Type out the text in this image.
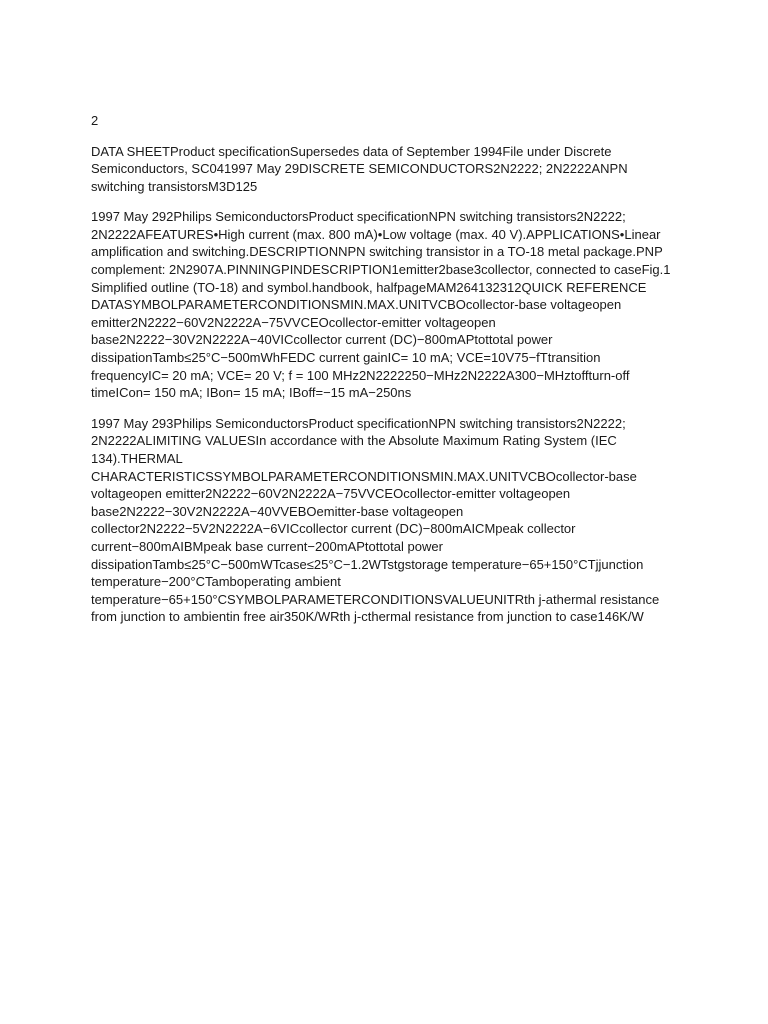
2

DATA SHEETProduct specificationSupersedes data of September 1994File under Discrete Semiconductors, SC041997 May 29DISCRETE SEMICONDUCTORS2N2222; 2N2222ANPN switching transistorsM3D125

1997 May 292Philips SemiconductorsProduct specificationNPN switching transistors2N2222; 2N2222AFEATURES•High current (max. 800 mA)•Low voltage (max. 40 V).APPLICATIONS•Linear amplification and switching.DESCRIPTIONNPN switching transistor in a TO-18 metal package.PNP complement: 2N2907A.PINNINGPINDESCRIPTION1emitter2base3collector, connected to caseFig.1 Simplified outline (TO-18) and symbol.handbook, halfpageMAM264132312QUICK REFERENCE DATASYMBOLPARAMETERCONDITIONSMIN.MAX.UNITVCBOcollector-base voltageopen emitter2N2222−60V2N2222A−75VVCEOcollector-emitter voltageopen base2N2222−30V2N2222A−40VICcollector current (DC)−800mAPtottotal power dissipationTamb≤25°C−500mWhFEDC current gainIC= 10 mA; VCE=10V75−fTtransition frequencyIC= 20 mA; VCE= 20 V; f = 100 MHz2N2222250−MHz2N2222A300−MHztoffturn-off timeICon= 150 mA; IBon= 15 mA; IBoff=−15 mA−250ns

1997 May 293Philips SemiconductorsProduct specificationNPN switching transistors2N2222; 2N2222ALIMITING VALUESIn accordance with the Absolute Maximum Rating System (IEC 134).THERMAL CHARACTERISTICSSYMBOLPARAMETERCONDITIONSMIN.MAX.UNITVCBOcollector-base voltageopen emitter2N2222−60V2N2222A−75VVCEOcollector-emitter voltageopen base2N2222−30V2N2222A−40VVEBOemitter-base voltageopen collector2N2222−5V2N2222A−6VICcollector current (DC)−800mAICMpeak collector current−800mAIBMpeak base current−200mAPtottotal power dissipationTamb≤25°C−500mWTcase≤25°C−1.2WTstgstorage temperature−65+150°CTjjunction temperature−200°CTamboperating ambient temperature−65+150°CSYMBOLPARAMETERCONDITIONSVALUEUNITRth j-athermal resistance from junction to ambientin free air350K/WRth j-cthermal resistance from junction to case146K/W
